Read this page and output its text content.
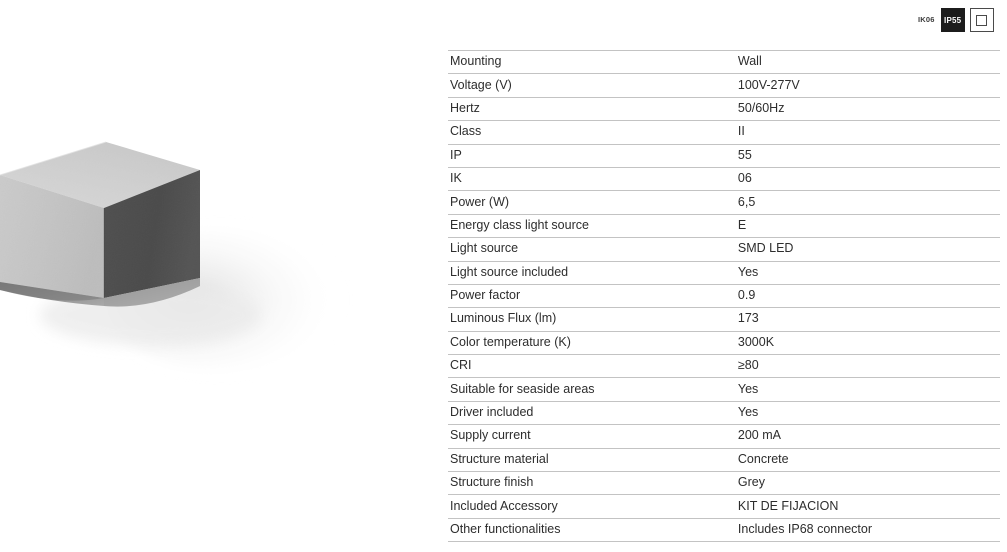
IK06	IP55
Mounting	Wall
Voltage (V)	100V-277V
Hertz	50/60Hz
Class	II
IP	55
IK	06
Power (W)	6,5
Energy class light source	E
Light source	SMD LED
Light source included	Yes
Power factor	0.9
Luminous Flux (lm)	173
Color temperature (K)	3000K
CRI	≥80
Suitable for seaside areas	Yes
Driver included	Yes
Supply current	200 mA
Structure material	Concrete
Structure finish	Grey
Included Accessory	KIT DE FIJACION
Other functionalities	Includes IP68 connector
